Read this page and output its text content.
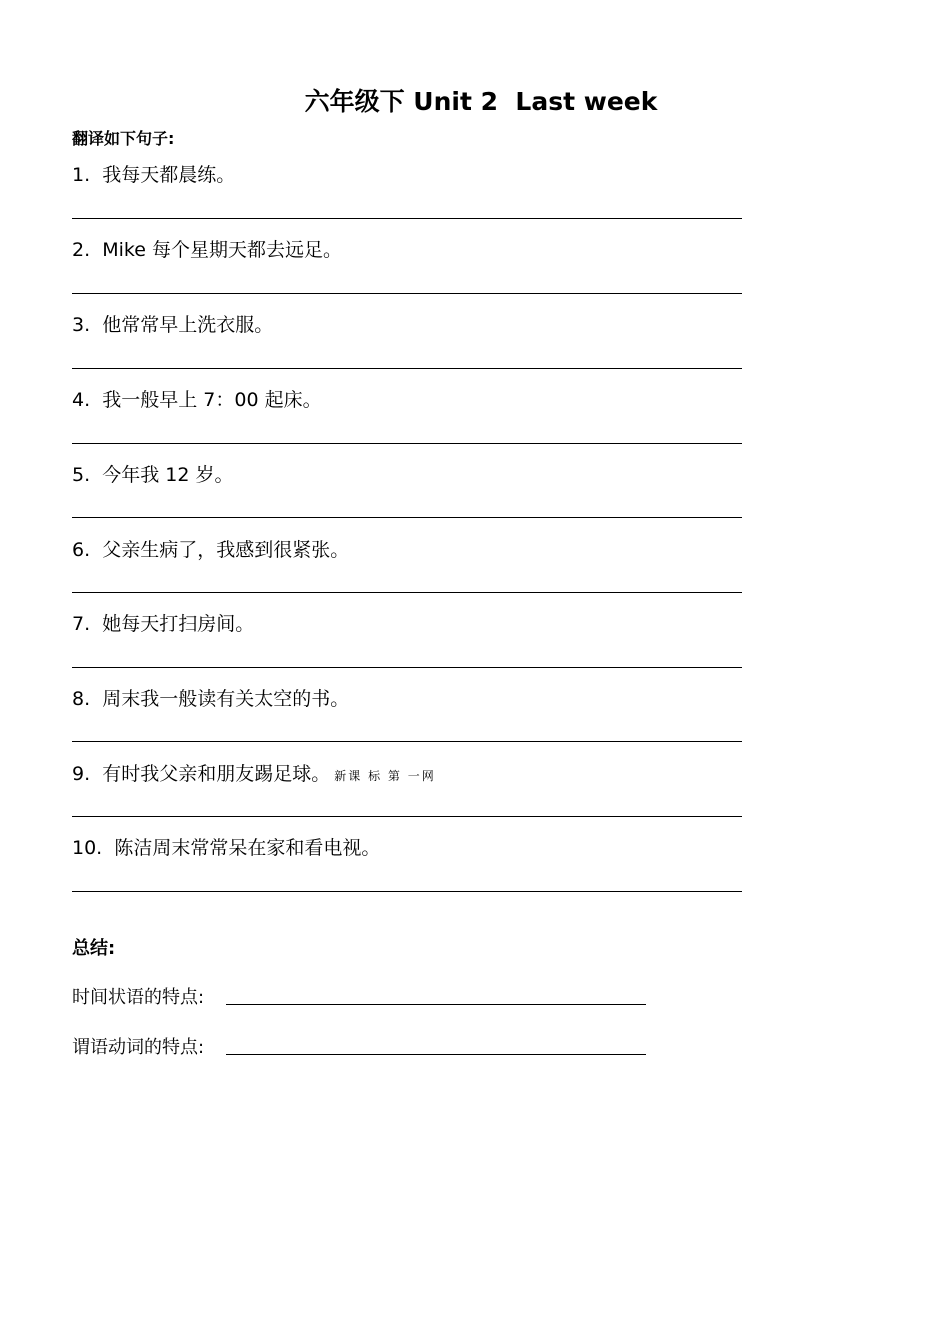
六年级下 Unit 2  Last week
翻译如下句子:
1. 我每天都晨练。
2. Mike 每个星期天都去远足。
3. 他常常早上洗衣服。
4. 我一般早上 7：00 起床。
5. 今年我 12 岁。
6. 父亲生病了，我感到很紧张。
7. 她每天打扫房间。
8. 周末我一般读有关太空的书。
9. 有时我父亲和朋友踢足球。 新课 标 第 一网
10. 陈洁周末常常呆在家和看电视。
总结:
时间状语的特点:
谓语动词的特点:
